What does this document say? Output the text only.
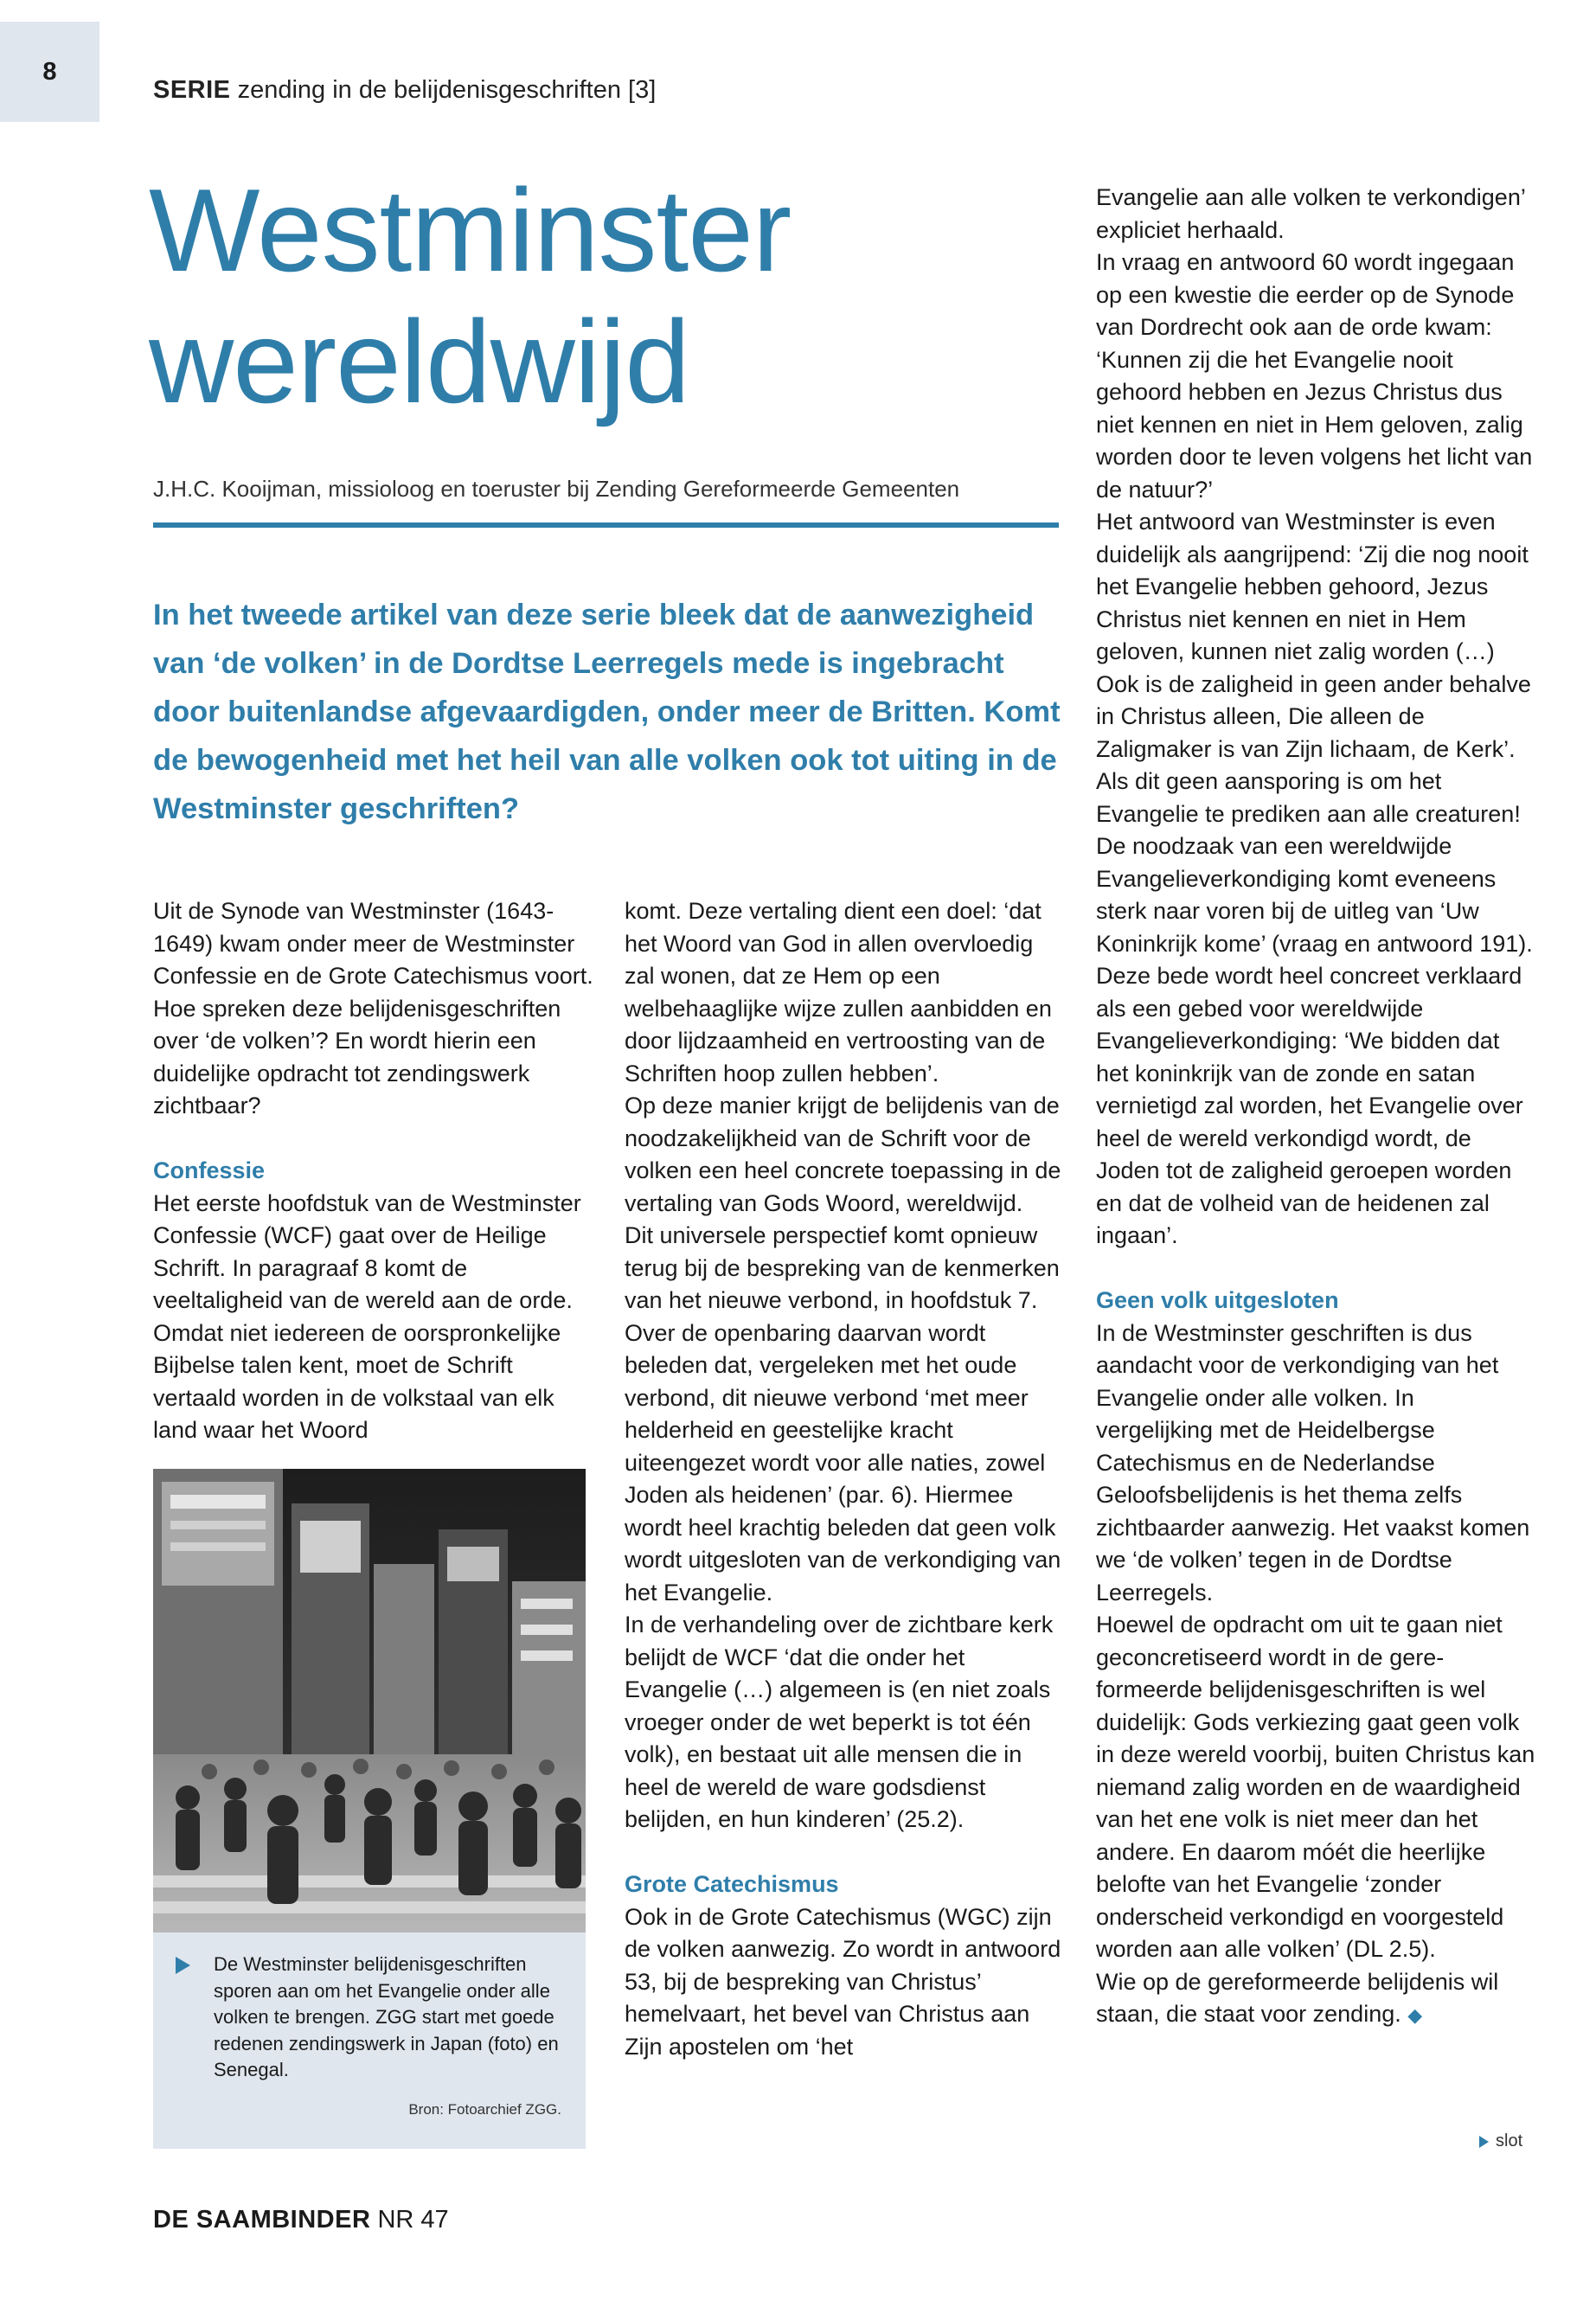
8
SERIE zending in de belijdenisgeschriften [3]
Westminster
wereldwijd
J.H.C. Kooijman, missioloog en toeruster bij Zending Gereformeerde Gemeenten
In het tweede artikel van deze serie bleek dat de aanwezigheid van ‘de volken’ in de Dordtse Leerregels mede is ingebracht door buitenlandse afgevaardigden, onder meer de Britten. Komt de bewogenheid met het heil van alle volken ook tot uiting in de Westminster geschriften?

Uit de Synode van Westminster (1643-1649) kwam onder meer de Westminster Confessie en de Grote Catechismus voort. Hoe spreken deze belijdenisgeschriften over ‘de volken’? En wordt hierin een duidelijke opdracht tot zendingswerk zichtbaar?

Confessie

Het eerste hoofdstuk van de Westminster Confessie (WCF) gaat over de Heilige Schrift. In paragraaf 8 komt de veeltaligheid van de wereld aan de orde. Omdat niet iedereen de oorspronkelijke Bijbelse talen kent, moet de Schrift vertaald worden in de volkstaal van elk land waar het Woord

De Westminster belijdenisgeschriften sporen aan om het Evangelie onder alle volken te brengen. ZGG start met goede redenen zendingswerk in Japan (foto) en Senegal.
Bron: Fotoarchief ZGG.

komt. Deze vertaling dient een doel: ‘dat het Woord van God in allen overvloedig zal wonen, dat ze Hem op een welbehaaglijke wijze zullen aanbidden en door lijdzaamheid en vertroosting van de Schriften hoop zullen hebben’.

Op deze manier krijgt de belijdenis van de noodzakelijkheid van de Schrift voor de volken een heel concrete toepassing in de vertaling van Gods Woord, wereldwijd.

Dit universele perspectief komt opnieuw terug bij de bespreking van de kenmerken van het nieuwe verbond, in hoofdstuk 7. Over de openbaring daarvan wordt beleden dat, vergeleken met het oude verbond, dit nieuwe verbond ‘met meer helderheid en geestelijke kracht uiteengezet wordt voor alle naties, zowel Joden als heidenen’ (par. 6). Hiermee wordt heel krachtig beleden dat geen volk wordt uitgesloten van de verkondiging van het Evangelie.

In de verhandeling over de zichtbare kerk belijdt de WCF ‘dat die onder het Evangelie (…) algemeen is (en niet zoals vroeger onder de wet beperkt is tot één volk), en bestaat uit alle mensen die in heel de wereld de ware godsdienst belijden, en hun kinderen’ (25.2).

Grote Catechismus

Ook in de Grote Catechismus (WGC) zijn de volken aanwezig. Zo wordt in antwoord 53, bij de bespreking van Christus’ hemelvaart, het bevel van Christus aan Zijn apostelen om ‘het

Evangelie aan alle volken te verkondigen’ expliciet herhaald.

In vraag en antwoord 60 wordt ingegaan op een kwestie die eerder op de Synode van Dordrecht ook aan de orde kwam: ‘Kunnen zij die het Evangelie nooit gehoord hebben en Jezus Christus dus niet kennen en niet in Hem geloven, zalig worden door te leven volgens het licht van de natuur?’

Het antwoord van Westminster is even duidelijk als aangrijpend: ‘Zij die nog nooit het Evangelie hebben gehoord, Jezus Christus niet kennen en niet in Hem geloven, kunnen niet zalig worden (…) Ook is de zaligheid in geen ander behalve in Christus alleen, Die alleen de Zaligmaker is van Zijn lichaam, de Kerk’. Als dit geen aansporing is om het Evangelie te prediken aan alle creaturen!

De noodzaak van een wereldwijde Evangelieverkondiging komt eveneens sterk naar voren bij de uitleg van ‘Uw Koninkrijk kome’ (vraag en antwoord 191). Deze bede wordt heel concreet verklaard als een gebed voor wereldwijde Evangelieverkondiging: ‘We bidden dat het koninkrijk van de zonde en satan vernietigd zal worden, het Evangelie over heel de wereld verkondigd wordt, de Joden tot de zaligheid geroepen worden en dat de volheid van de heidenen zal ingaan’.

Geen volk uitgesloten

In de Westminster geschriften is dus aandacht voor de verkondiging van het Evangelie onder alle volken. In vergelijking met de Heidelbergse Catechismus en de Nederlandse Geloofsbelijdenis is het thema zelfs zichtbaarder aanwezig. Het vaakst komen we ‘de volken’ tegen in de Dordtse Leerregels.

Hoewel de opdracht om uit te gaan niet geconcretiseerd wordt in de gereformeerde belijdenisgeschriften is wel duidelijk: Gods verkiezing gaat geen volk in deze wereld voorbij, buiten Christus kan niemand zalig worden en de waardigheid van het ene volk is niet meer dan het andere. En daarom móét die heerlijke belofte van het Evangelie ‘zonder onderscheid verkondigd en voorgesteld worden aan alle volken’ (DL 2.5).

Wie op de gereformeerde belijdenis wil staan, die staat voor zending. ◆

slot
DE SAAMBINDER NR 47
